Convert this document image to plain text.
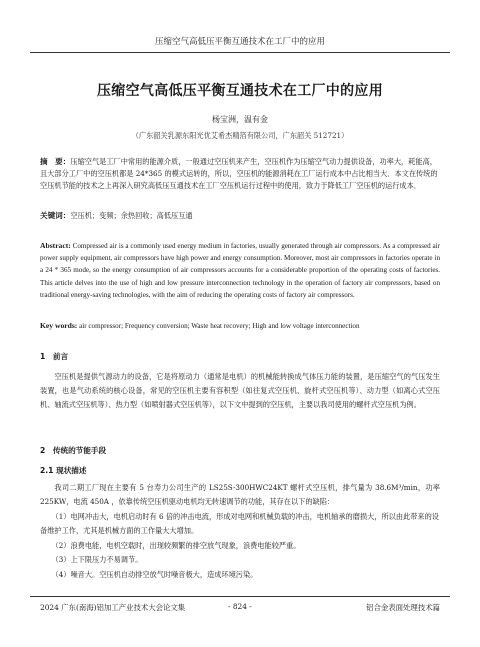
压缩空气高低压平衡互通技术在工厂中的应用
压缩空气高低压平衡互通技术在工厂中的应用
杨宝洲，温有金
（广东韶关乳源东阳光优艾希杰精箔有限公司，广东韶关 512721）
摘　要：压缩空气是工厂中常用的能源介质，一般通过空压机来产生，空压机作为压缩空气动力提供设备，功率大，耗能高，且大部分工厂中的空压机都是 24*365 的模式运转的，所以，空压机的能源消耗在工厂运行成本中占比相当大．本文在传统的空压机节能的技术之上再深入研究高低压互通技术在工厂空压机运行过程中的使用，致力于降低工厂空压机的运行成本．
关键词：空压机；变频；余热回收；高低压互通
Abstract: Compressed air is a commonly used energy medium in factories, usually generated through air compressors. As a compressed air power supply equipment, air compressors have high power and energy consumption. Moreover, most air compressors in factories operate in a 24 * 365 mode, so the energy consumption of air compressors accounts for a considerable proportion of the operating costs of factories. This article delves into the use of high and low pressure interconnection technology in the operation of factory air compressors, based on traditional energy-saving technologies, with the aim of reducing the operating costs of factory air compressors.
Key words: air compressor; Frequency conversion; Waste heat recovery; High and low voltage interconnection
1　前言
空压机是提供气源动力的设备，它是将原动力（通常是电机）的机械能转换成气体压力能的装置，是压缩空气的气压发生装置，也是气动系统的核心设备，常见的空压机主要有容积型（如往复式空压机、旋杆式空压机等）、动力型（如离心式空压机、轴流式空压机等）、热力型（如喷射器式空压机等），以下文中提到的空压机，主要以我司使用的螺杆式空压机为例。
2　传统的节能手段
2.1 现状描述
我司二期工厂现在主要有 5 台寿力公司生产的 LS25S-300HWC24KT 螺杆式空压机，排气量为 38.6M³/min，功率 225KW，电流 450A ，依靠传统空压机驱动电机均无转速调节的功能，其存在以下的缺陷：
（1）电网冲击大，电机启动时有 6 倍的冲击电流，形成对电网和机械负载的冲击，电机轴承的磨损大，所以由此带来的设备维护工作，尤其是机械方面的工作量大大增加。
（2）浪费电能，电机空载时，出现较频繁的排空放气现象，浪费电能较严重。
（3）上下限压力不易调节。
（4）噪音大。空压机自动排空放气时噪音极大，造成环境污染。
2024 广东(南海)铝加工产业技术大会论文集	- 824 -	铝合金表面处理技术篇
